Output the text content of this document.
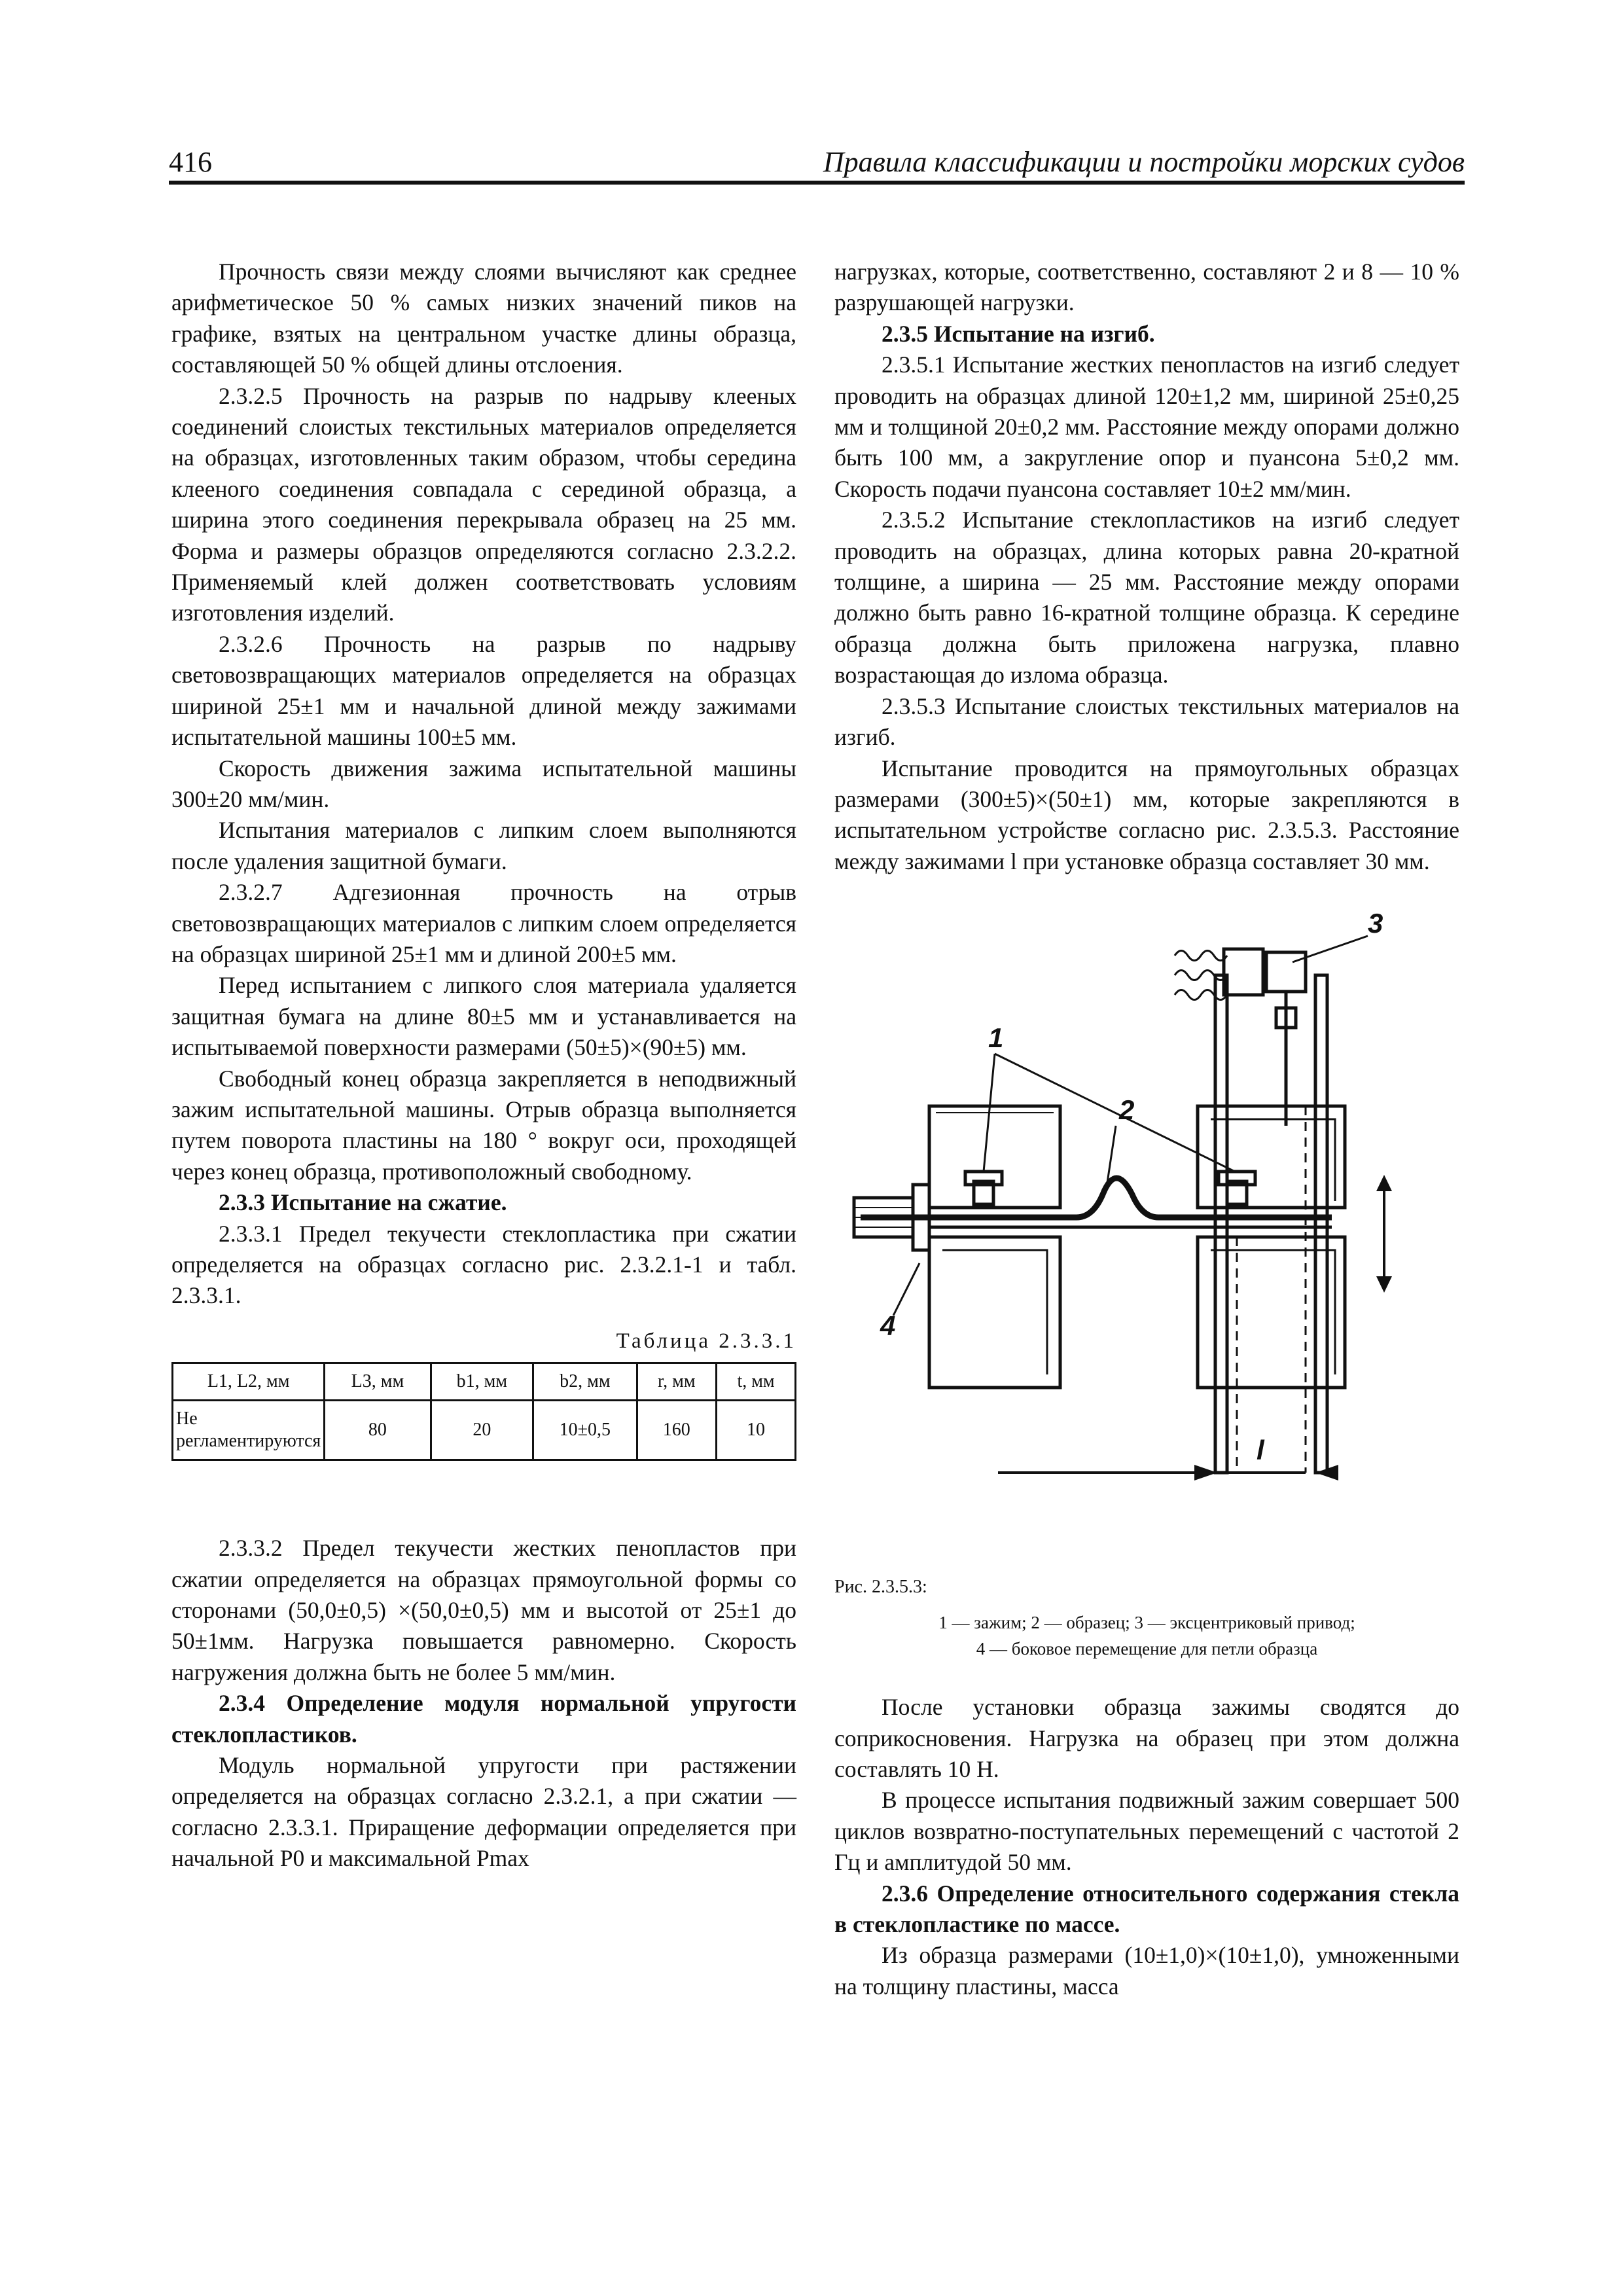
416	Правила классификации и постройки морских судов

Прочность связи между слоями вычисляют как среднее арифметическое 50 % самых низких значений пиков на графике, взятых на центральном участке длины образца, составляющей 50 % общей длины отслоения.

2.3.2.5 Прочность на разрыв по надрыву клееных соединений слоистых текстильных материалов определяется на образцах, изготовленных таким образом, чтобы середина клееного соединения совпадала с серединой образца, а ширина этого соединения перекрывала образец на 25 мм. Форма и размеры образцов определяются согласно 2.3.2.2. Применяемый клей должен соответствовать условиям изготовления изделий.

2.3.2.6 Прочность на разрыв по надрыву световозвращающих материалов определяется на образцах шириной 25±1 мм и начальной длиной между зажимами испытательной машины 100±5 мм.

Скорость движения зажима испытательной машины 300±20 мм/мин.

Испытания материалов с липким слоем выполняются после удаления защитной бумаги.

2.3.2.7 Адгезионная прочность на отрыв световозвращающих материалов с липким слоем определяется на образцах шириной 25±1 мм и длиной 200±5 мм.

Перед испытанием с липкого слоя материала удаляется защитная бумага на длине 80±5 мм и устанавливается на испытываемой поверхности размерами (50±5)×(90±5) мм.

Свободный конец образца закрепляется в неподвижный зажим испытательной машины. Отрыв образца выполняется путем поворота пластины на 180 ° вокруг оси, проходящей через конец образца, противоположный свободному.

2.3.3 Испытание на сжатие.

2.3.3.1 Предел текучести стеклопластика при сжатии определяется на образцах согласно рис. 2.3.2.1-1 и табл. 2.3.3.1.

Таблица 2.3.3.1
L1, L2, мм	L3, мм	b1, мм	b2, мм	r, мм	t, мм
Не регламентируются	80	20	10±0,5	160	10

2.3.3.2 Предел текучести жестких пенопластов при сжатии определяется на образцах прямоугольной формы со сторонами (50,0±0,5) ×(50,0±0,5) мм и высотой от 25±1 до 50±1мм. Нагрузка повышается равномерно. Скорость нагружения должна быть не более 5 мм/мин.

2.3.4 Определение модуля нормальной упругости стеклопластиков.

Модуль нормальной упругости при растяжении определяется на образцах согласно 2.3.2.1, а при сжатии — согласно 2.3.3.1. Приращение деформации определяется при начальной P0 и максимальной Pmax

нагрузках, которые, соответственно, составляют 2 и 8 — 10 % разрушающей нагрузки.

2.3.5 Испытание на изгиб.

2.3.5.1 Испытание жестких пенопластов на изгиб следует проводить на образцах длиной 120±1,2 мм, шириной 25±0,25 мм и толщиной 20±0,2 мм. Расстояние между опорами должно быть 100 мм, а закругление опор и пуансона 5±0,2 мм. Скорость подачи пуансона составляет 10±2 мм/мин.

2.3.5.2 Испытание стеклопластиков на изгиб следует проводить на образцах, длина которых равна 20-кратной толщине, а ширина — 25 мм. Расстояние между опорами должно быть равно 16-кратной толщине образца. К середине образца должна быть приложена нагрузка, плавно возрастающая до излома образца.

2.3.5.3 Испытание слоистых текстильных материалов на изгиб.

Испытание проводится на прямоугольных образцах размерами (300±5)×(50±1) мм, которые закрепляются в испытательном устройстве согласно рис. 2.3.5.3. Расстояние между зажимами l при установке образца составляет 30 мм.

1
2
3
4
l

Рис. 2.3.5.3:

1 — зажим; 2 — образец; 3 — эксцентриковый привод;
4 — боковое перемещение для петли образца

После установки образца зажимы сводятся до соприкосновения. Нагрузка на образец при этом должна составлять 10 Н.

В процессе испытания подвижный зажим совершает 500 циклов возвратно-поступательных перемещений с частотой 2 Гц и амплитудой 50 мм.

2.3.6 Определение относительного содержания стекла в стеклопластике по массе.

Из образца размерами (10±1,0)×(10±1,0), умноженными на толщину пластины, масса
